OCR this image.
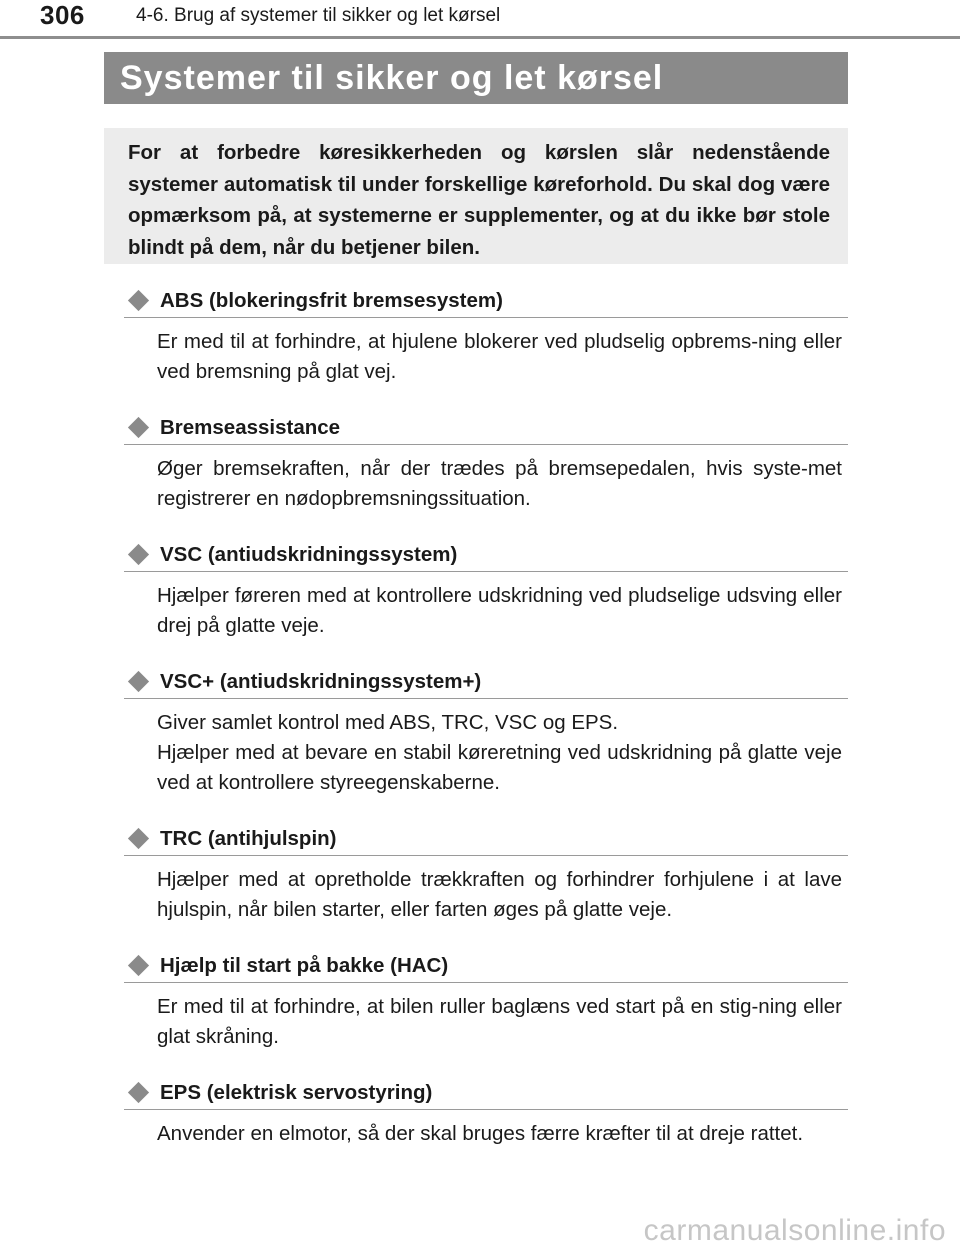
306	4-6. Brug af systemer til sikker og let kørsel
Systemer til sikker og let kørsel

For at forbedre køresikkerheden og kørslen slår nedenstående systemer automatisk til under forskellige køreforhold. Du skal dog være opmærksom på, at systemerne er supplementer, og at du ikke bør stole blindt på dem, når du betjener bilen.

ABS (blokeringsfrit bremsesystem)

Er med til at forhindre, at hjulene blokerer ved pludselig opbrems-ning eller ved bremsning på glat vej.

Bremseassistance

Øger bremsekraften, når der trædes på bremsepedalen, hvis syste-met registrerer en nødopbremsningssituation.

VSC (antiudskridningssystem)

Hjælper føreren med at kontrollere udskridning ved pludselige udsving eller drej på glatte veje.

VSC+ (antiudskridningssystem+)

Giver samlet kontrol med ABS, TRC, VSC og EPS.

Hjælper med at bevare en stabil køreretning ved udskridning på glatte veje ved at kontrollere styreegenskaberne.

TRC (antihjulspin)

Hjælper med at opretholde trækkraften og forhindrer forhjulene i at lave hjulspin, når bilen starter, eller farten øges på glatte veje.

Hjælp til start på bakke (HAC)

Er med til at forhindre, at bilen ruller baglæns ved start på en stig-ning eller glat skråning.

EPS (elektrisk servostyring)

Anvender en elmotor, så der skal bruges færre kræfter til at dreje rattet.

carmanualsonline.info
